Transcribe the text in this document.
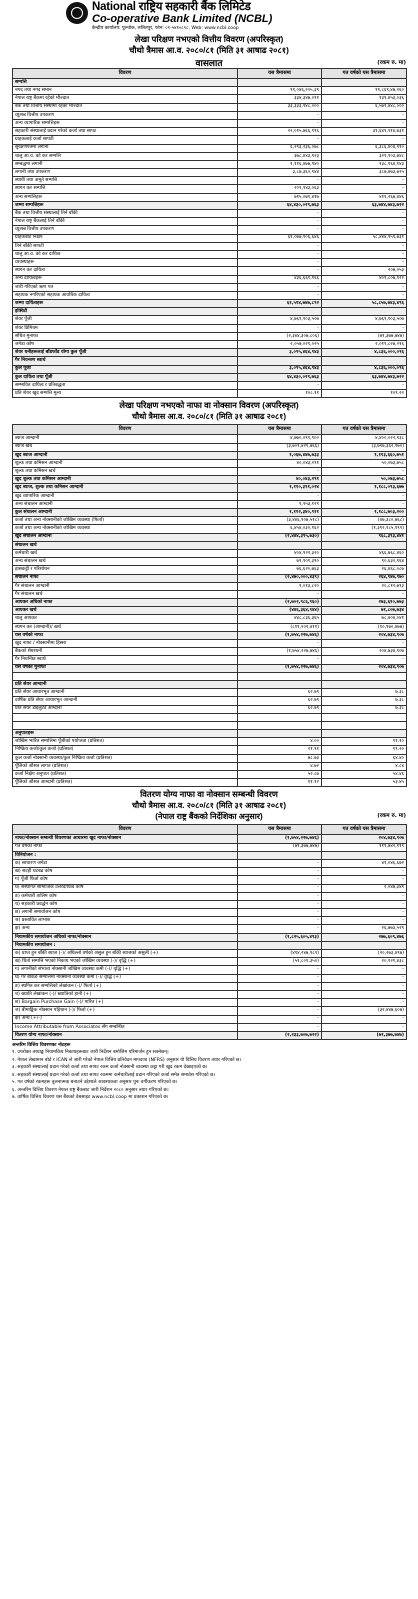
National राष्ट्रिय सहकारी बैंक लिमिटेड
Co-operative Bank Limited (NCBL)
केन्द्रीय कार्यालय: पुल्चोक, ललितपुर, फोन: ०१-५४१०८९८, Web: www.ncbl.coop
लेखा परिक्षण नभएको वित्तीय विवरण (अपरिस्कृत)
चौथो त्रैमास आ.व. २०८०/८१ (मिति ३१ आषाढ २०८१)
वासलात	(रकम रु. मा)
विवरण	यस त्रैमासमा	गत वर्षको यस त्रैमासमा
सम्पत्ति		
नगद तथा नगद समान	९१,०४६,२०५,३९	९१,८६९,४७,२६०
नेपाल राष्ट्र बैंकमा रहेको मौज्दात	३३४,३४७,०९१	१३१,४५३,०३६
बैंक तथा वित्तीय संस्थामा रहेको मौज्दात	३३,३३३,९४८,०००	६,५७९,४४८,०००
व्युत्पन्न वित्तीय उपकरण	-	-
अन्य व्यापारिक सम्पत्तिहरू	-	-
सहकारी संस्थालाई प्रदान गरेको कर्जा तथा सापट	२२,०१५,७६६,९९६	३१,६४९,९१४,७३१
ग्राहकलाई कर्जा सापटी	-	-
सुरक्षणपत्रमा लगानी	६,२९३,२३६,०७८	६,३८६,४०४,९१०
चालु आ.व. को कर सम्पत्ति	३७८,४४३,९२३	३२१,९०३,७४८
सम्बद्धमा लगानी	१,११६,४७७,९४०	१३८,१६४,१४३
लगानी तथा उपकरण	३,८७,३६०,९४४	३८७,४७३,७२५
स्थायी तथा अमूर्त सम्पत्ति	-	-
स्थगन कर सम्पत्ति	२०९,९४३,०६३	-
अन्य सम्पत्तिहरू	७१५,०७१,४१७	४११,२६७,४४६
जम्मा सम्पत्तिहरू	६४,४३०,०२९,७६३	६३,७४४,७४३,७२२
बैंक तथा वित्तीय संस्थालाई तिर्न बाँकी	-	-
नेपाल राष्ट्र बैंकलाई तिर्न बाँकी	-	-
व्युत्पन्न वित्तीय उपकरण	-	-
ग्राहकबाट निक्षेप	६१,०७७,१०६,६४६	५८,४४४,९५९,७३१
तिर्न बाँकी सापटी	-	-
चालु आ.व. को कर दायित्व	-	-
व्यवस्थाहरू	-	-
स्थगन कर दायित्व	-	२०७,०५३
अन्य दायित्वहरू	४३६,६६१,१६६	४०९,८०७,१२२
जारी गरिएको ऋण पत्र	-	-
सहायक नगरिएको सहायक आवधिक दायित्व	-	-
जम्मा दायित्वहरू	६१,५१४,७४७,८९२	५८,८५७,७४३,४९६
इक्विटी		
शेयर पूँजी	४,७६९,१०३,५०७	४,७६९,१०३,५०७
शेयर प्रिमियम	-	-
संचित मुनाफा	(२,३४४,३०७,८०६)	(७१,३७७,७४७)
जगेडा कोष	२,०५७,०२१,०२५	२,०११,८२७,२१६
शेयर धनीहरूलाई बाँडफाँड योग्य कुल पूँजी	३,०९५,४६४,९४३	४,८३६,०००,०९६
गैर नियन्त्रण स्वार्थ		
कुल पूँजी	३,०९५,४६४,९४३	४,८३६,०००,०९६
कुल दायित्व तथा पूँजी	६४,४३०,०२९,७६३	६३,७४४,७४३,७२२
सम्भावित दायित्व र प्रतिबद्धता	-	-
प्रति शेयर खुद सम्पत्ति मूल्य	१०८.११	१०९.२२
लेखा परिक्षण नभएको नाफा वा नोक्सान विवरण (अपरिस्कृत)
चौथो त्रैमास आ.व. २०८०/८१ (मिति ३१ आषाढ २०८१)
विवरण	यस त्रैमासमा	गत वर्षको यस त्रैमासमा
ब्याज आम्दानी	४,७७०,०९१,९००	४,४००,०२२,९३८
ब्याज खर्च	(३,७०९,४२१,७६६)	(३,७९७,३६२,९७०)
खुद ब्याज आम्दानी	१,०६७,४४७,७३३	१,११३,६६०,७५१
शुल्क तथा कमिसन आम्दानी	४०,०४३,२९१	५०,०७३,७५८
शुल्क तथा कमिसन खर्च	-	-
खुद शुल्क तथा कमिसन आम्दानी	४०,०४३,२९१	५०,०७३,७५८
खुद ब्याज, शुल्क तथा कमिसन आम्दानी	१,११०,३९१,०२४	१,१८८,०९३,६७७
खुद व्यापारिक आम्दानी	-	-
अन्य संचालन आम्दानी	१,९५३,१२९	-
कुल संचालन आम्दानी	१,११२,३४०,९११	१,१८८,७०३,२००
कर्जा तथा अन्य नोक्सानीको जोखिम व्यवस्था (फिर्ता)	(३,४४६,९०७,५१८)	(४७,३८०,७६८)
कर्जा तथा अन्य नोक्सानीको जोखिम व्यवस्था	६,४५४,०३०,१६२	(१,३९२,१८५,१९९)
खुद संचालन आम्दानी	(२,४४४,३९५,७३०)	९६८,३९३,४४१
संचालन खर्च		
कर्मचारी खर्च	४०४,९२२,३२०	४६६,७६८,४६०
अन्य संचालन खर्च	७१,९०१,३९०	९०,६३०,९६४
ह्रासकट्टी र परिशोधन	७६,६२०,७६३	२६,४६८,०८७
संचालन नाफा	(२,४७०,०००,४३९)	२६४,९४७,९७०
गैर संचालन आम्दानी	१,०१३,८२०	२०,८१२,७९३
गैर संचालन खर्च	-	-
आयकर अघिको नाफा	(२,७०२,९८६,९६०)	२७३,६१०,७७३
आयकर खर्च	(४४६,३६४,९४४)	७१,८०७,७३४
चालु आयकर	४४८,८३६,३६५	७८,४०४,०४१
स्थगन कर (आम्दानी)/ खर्च	(८११,२०१,४११)	(१०,९७०,४७७)
यस वर्षको नाफा	(१,७५४,२२७,७४६)	२०४,७३४,९०७
खुद नाफा / नोक्सानीमा हिस्सा	-	-
बैंकको शेयरधनी	(१,७५४,२२७,७४६)	२०४,७३४,९०७
गैर नियन्त्रित स्वार्थ	-	-
यस वर्षको मुनाफा	(१,७५४,२२७,७४६)	२०४,७३४,९०७

प्रति सेयर आम्दानी		
प्रति सेयर आधारभूत आम्दानी	६२.७९	७.३८
वार्षिक प्रति सेयर आधारभूत आम्दानी	६२.७९	७.३८
प्रति सेयर डाइलुटेड आम्दानी	६२.७९	७.३८

अनुपातहरू		
जोखिम भारित सम्पत्तिमा पूँजीको पर्याप्तता (प्रतिशत)	४.००	११.१०
निष्क्रिय कर्जा/कुल कर्जा (प्रतिशत)	२१.९१	१९.२०
कुल कर्जा नोक्सानी व्यवस्था/कुल निष्क्रिय कर्जा (प्रतिशत)	७८.७३	६४.४०
पूँजिको औसत लागत (प्रतिशत)	४.७२	४.८४
कर्जा निक्षेप अनुपात (प्रतिशत)	५२.८७	५४.४६
पूँजिको औसत आम्दानी (प्रतिशत)	११.१२	५३.४५
वितरण योग्य नाफा वा नोक्सान सम्बन्धी विवरण
चौथो त्रैमास आ.व. २०८०/८१ (मिति ३१ आषाढ २०८१)
(नेपाल राष्ट्र बैंकको निर्देशिका अनुसार)	(रकम रु. मा)
विवरण	यस त्रैमासमा	गत वर्षको यस त्रैमासमा
नाफा/नोक्सान सम्बन्धी विवरणका आधारमा खुद नाफा/नोक्सान	(१,७५४,२२७,७४६)	२०४,७३४,९०७
गत वर्षको नाफा	(७१,३७७,७४७)	११९,७४२,११९
विनियोजन :		
क) साधारण जगेडा	-	४१,०४६,६७२
ख) सटही घटबढ कोष	-	-
ग) पूँजी फिर्ता कोष	-	-
घ) संस्थागत सामाजिक उत्तरदायित्व कोष	-	२,०४७,३४९
ङ) कर्मचारी तालिम कोष	-	-
च) सहकारी प्रवर्द्धन कोष	-	-
छ) लगानी समायोजन कोष	-	-
ज) प्रस्तावित लाभांश	-	-
झ) अन्य	-	२६,७७३,५२९
नियामकीय समायोजन अघिको नाफा/नोक्सान	(१,८२५,६०५,४९३)	२७७,६०९,४७६
नियामकीय समायोजन :		
क) प्राप्त हुन बाँकी ब्याज (-)/ अघिल्लो वर्षको असुल हुन बाँकी ब्याजको असुली (+)	(४१४,२४७,९८९)	(२०,२७३,४९७)
ख) धितो सम्पत्ति भएको निकाय भएको जोखिम व्यवस्था (-)/ वृद्धि (+)	(५१,८०१,३५०)	२०,१२१,४३८
ग) लगानीको संभाव्य नोक्सानी जोखिम व्यवस्था कमी (-)/ वृद्धि (+)	-	-
घ) गैर बैंकिङ सम्पत्तिमा नोक्सानी व्यवस्था कमी (-)/ वृद्धि (+)	-	-
ङ) स्थगित कर सम्पत्तिको लेखांकन (-)/ फिर्ता (+)	-	-
च) ख्याति लेखांकन (-)/ ख्यातिको हानी (+)	-	-
छ) Bargain Purchase Gain (-)/ पारित (+)	-	-
ज) बीमाङ्किक नोक्सान पहिचान (-)/ फिर्ता (+)	-	(३२,४४७,६०७)
झ) अन्य (+/-)	-	-
Income Attributable from Associates सँग सम्बन्धित	-	-
वितरण योग्य नाफा/नोक्सान	(२,२३३,७०७,७२२)	(७१,३७७,७४७)
अन्तरिम वित्तिय विवरणका नोटहरू
१. उपरोक्त तथ्याङ्क नियामकिय निकायहरूबाट जारी निर्देशन बमोजिम परिमार्जन हुन सक्नेछन्।
२. नेपाल लेखामान बोर्ड र ICAN ले जारी गरेको नेपाल वित्तिय प्रतिवेदन मापदण्ड (NFRS) अनुसार यो वित्तिय विवरण तयार गरिएको छ।
३. सहकारी संस्थालाई प्रदान गरेको कर्जा तथा सापट रकम कर्जा नोक्सानी व्यवस्था कट्टा गरी खुद रकम देखाइएको छ।
४. सहकारी संस्थालाई प्रदान गरेको कर्जा तथा सापट रकममा कर्मचारीलाई प्रदान गरिएको कर्जा समेत समावेश गरिएको छ।
५. गत वर्षको रकमहरू तुलनात्मक बनाउने उद्देश्यले आवश्यकता अनुसार पुनः वर्गीकरण गरिएको छ।
६. अन्तरिम वित्तिय विवरण नेपाल राष्ट्र बैंकबाट जारी निर्देशन २०८० अनुसार तयार गरिएको छ।
७. वार्षिक वित्तिय विवरण यस बैंकको वेबसाइट www.ncbl.coop मा प्रकाशन गरिएको छ।
